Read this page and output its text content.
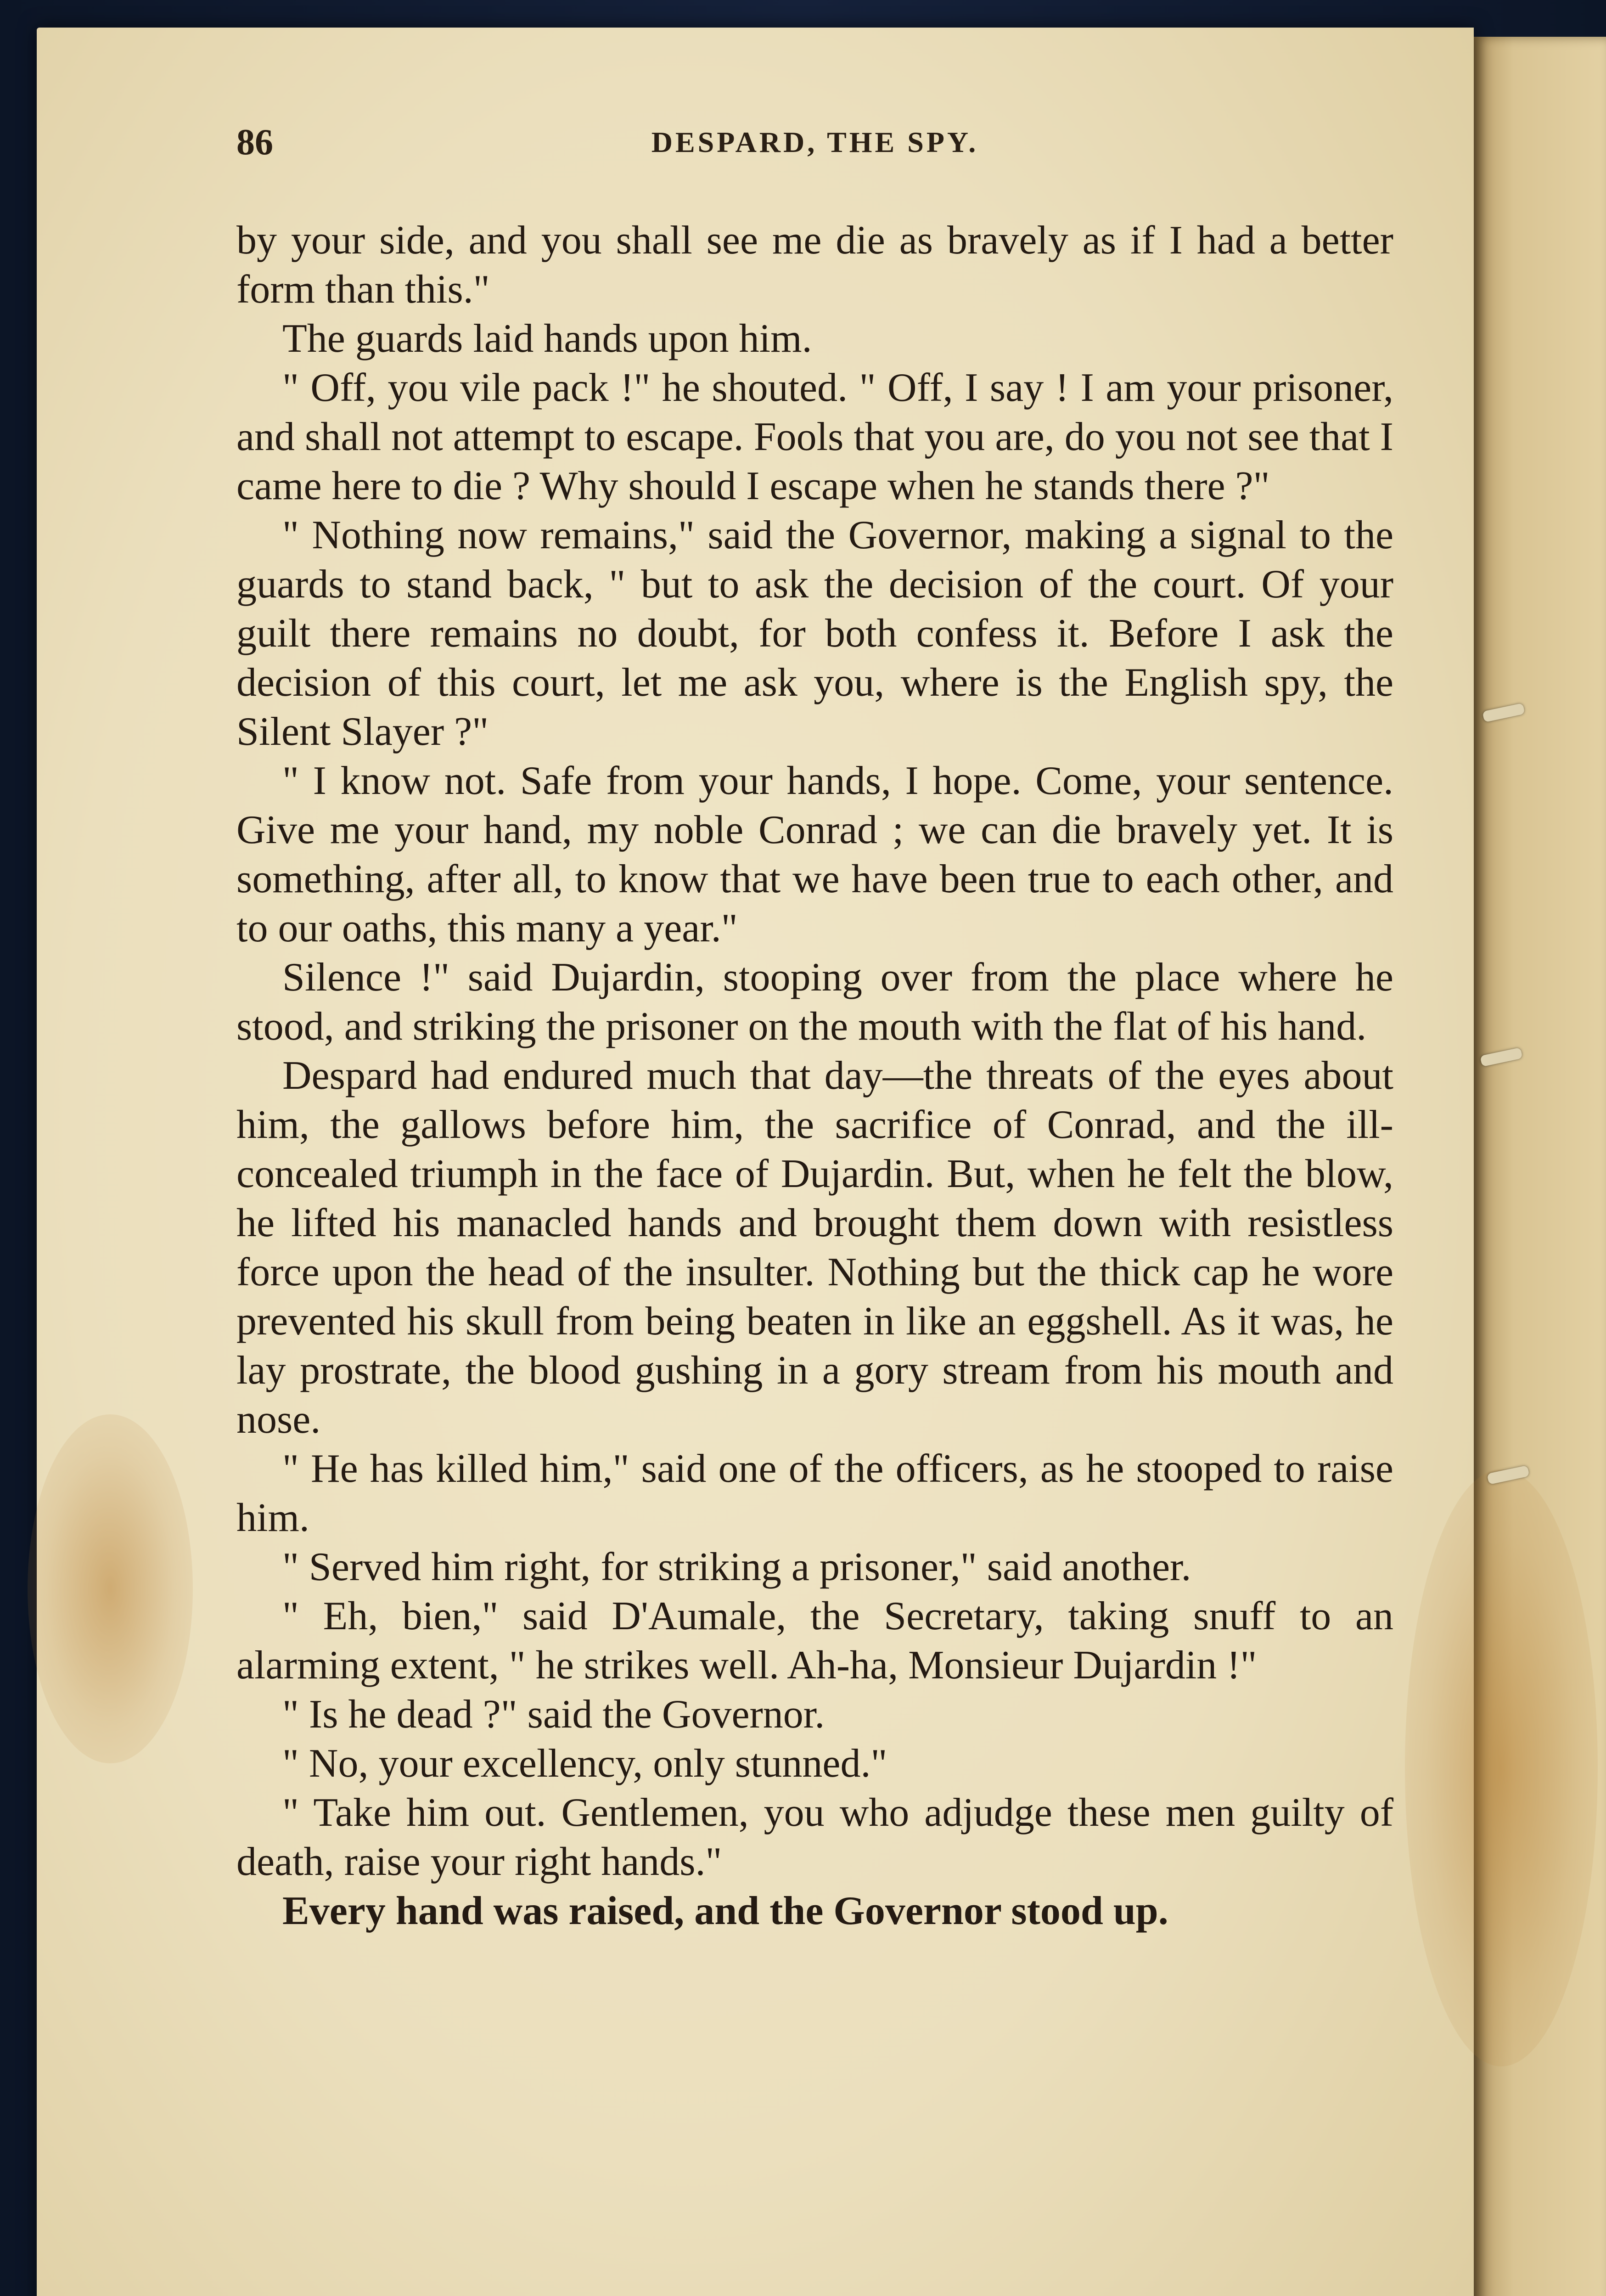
86	DESPARD, THE SPY.

by your side, and you shall see me die as bravely as if I had a better form than this."

The guards laid hands upon him.

" Off, you vile pack !" he shouted. " Off, I say ! I am your prisoner, and shall not attempt to escape. Fools that you are, do you not see that I came here to die ? Why should I escape when he stands there ?"

" Nothing now remains," said the Governor, making a signal to the guards to stand back, " but to ask the decision of the court. Of your guilt there remains no doubt, for both confess it. Before I ask the decision of this court, let me ask you, where is the English spy, the Silent Slayer ?"

" I know not. Safe from your hands, I hope. Come, your sentence. Give me your hand, my noble Conrad ; we can die bravely yet. It is something, after all, to know that we have been true to each other, and to our oaths, this many a year."

Silence !" said Dujardin, stooping over from the place where he stood, and striking the prisoner on the mouth with the flat of his hand.

Despard had endured much that day—the threats of the eyes about him, the gallows before him, the sacrifice of Conrad, and the ill-concealed triumph in the face of Dujardin. But, when he felt the blow, he lifted his manacled hands and brought them down with resistless force upon the head of the insulter. Nothing but the thick cap he wore prevented his skull from being beaten in like an eggshell. As it was, he lay prostrate, the blood gushing in a gory stream from his mouth and nose.

" He has killed him," said one of the officers, as he stooped to raise him.

" Served him right, for striking a prisoner," said another.

" Eh, bien," said D'Aumale, the Secretary, taking snuff to an alarming extent, " he strikes well. Ah-ha, Monsieur Dujardin !"

" Is he dead ?" said the Governor.

" No, your excellency, only stunned."

" Take him out. Gentlemen, you who adjudge these men guilty of death, raise your right hands."

Every hand was raised, and the Governor stood up.
